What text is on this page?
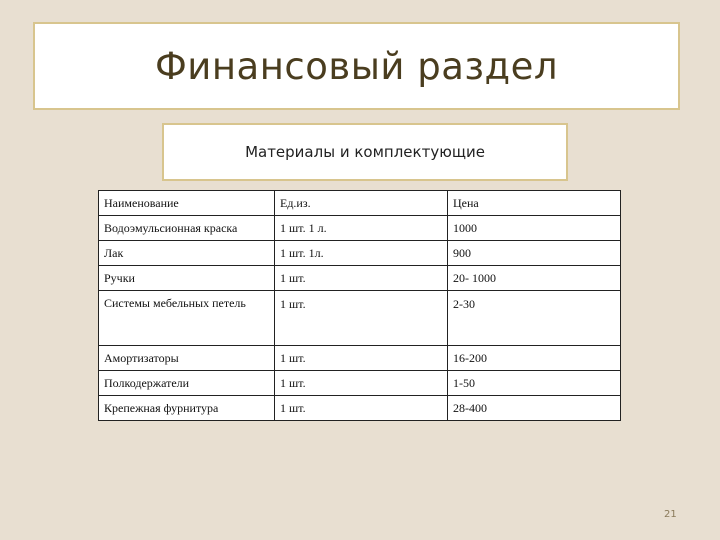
Финансовый раздел
Материалы и комплектующие
Наименование	Ед.из.	Цена
Водоэмульсионная краска	1 шт. 1 л.	1000
Лак	1 шт. 1л.	900
Ручки	1 шт.	20- 1000

Системы мебельных петель	1 шт.	2-30
Амортизаторы	1 шт.	16-200
Полкодержатели	1 шт.	1-50
Крепежная фурнитура	1 шт.	28-400
21
